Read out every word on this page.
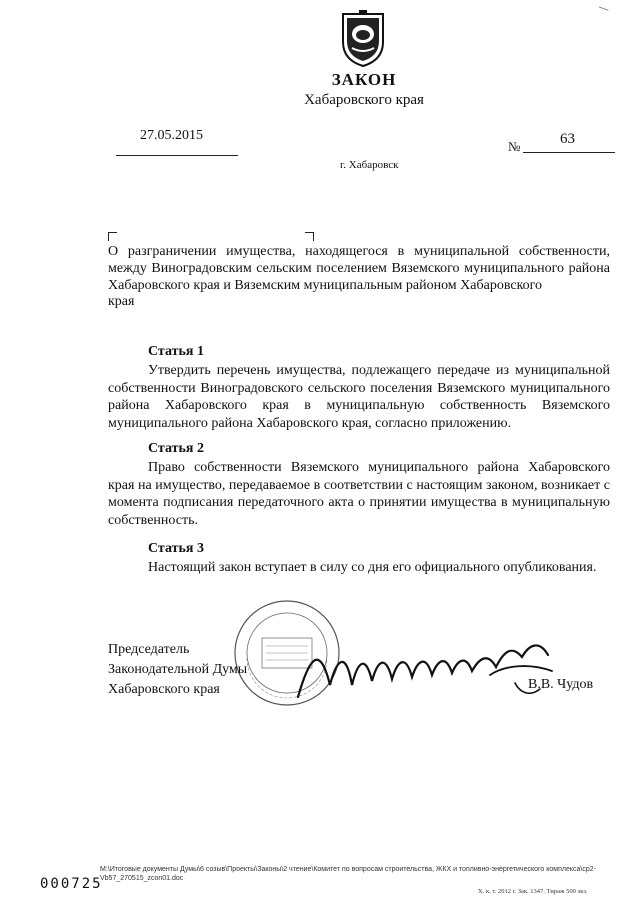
ЗАКОН
Хабаровского края
27.05.2015
№	63
г. Хабаровск
О разграничении имущества, находящегося в муниципальной собственности, между Виноградовским сельским поселением Вяземского муниципального района Хабаровского края и Вяземским муниципальным районом Хабаровского
края
Статья 1
Утвердить перечень имущества, подлежащего передаче из муниципальной собственности Виноградовского сельского поселения Вяземского муниципального района Хабаровского края в муниципальную собственность Вяземского муниципального района Хабаровского края, согласно приложению.
Статья 2
Право собственности Вяземского муниципального района Хабаровского края на имущество, передаваемое в соответствии с настоящим законом, возникает с момента подписания передаточного акта о принятии имущества в муниципальную собственность.
Статья 3
Настоящий закон вступает в силу со дня его официального опубликования.
Председатель
Законодательной Думы
Хабаровского края	В.В. Чудов
M:\Итоговые документы Думы\6 созыв\Проекты\Законы\2 чтение\Комитет по вопросам строительства, ЖКХ и топливно-энергетического комплекса\ср2-Vb57_270515_zcon01.doc
000725	Х. к. т. 2012 г. Зак. 1347. Тираж 500 экз.
